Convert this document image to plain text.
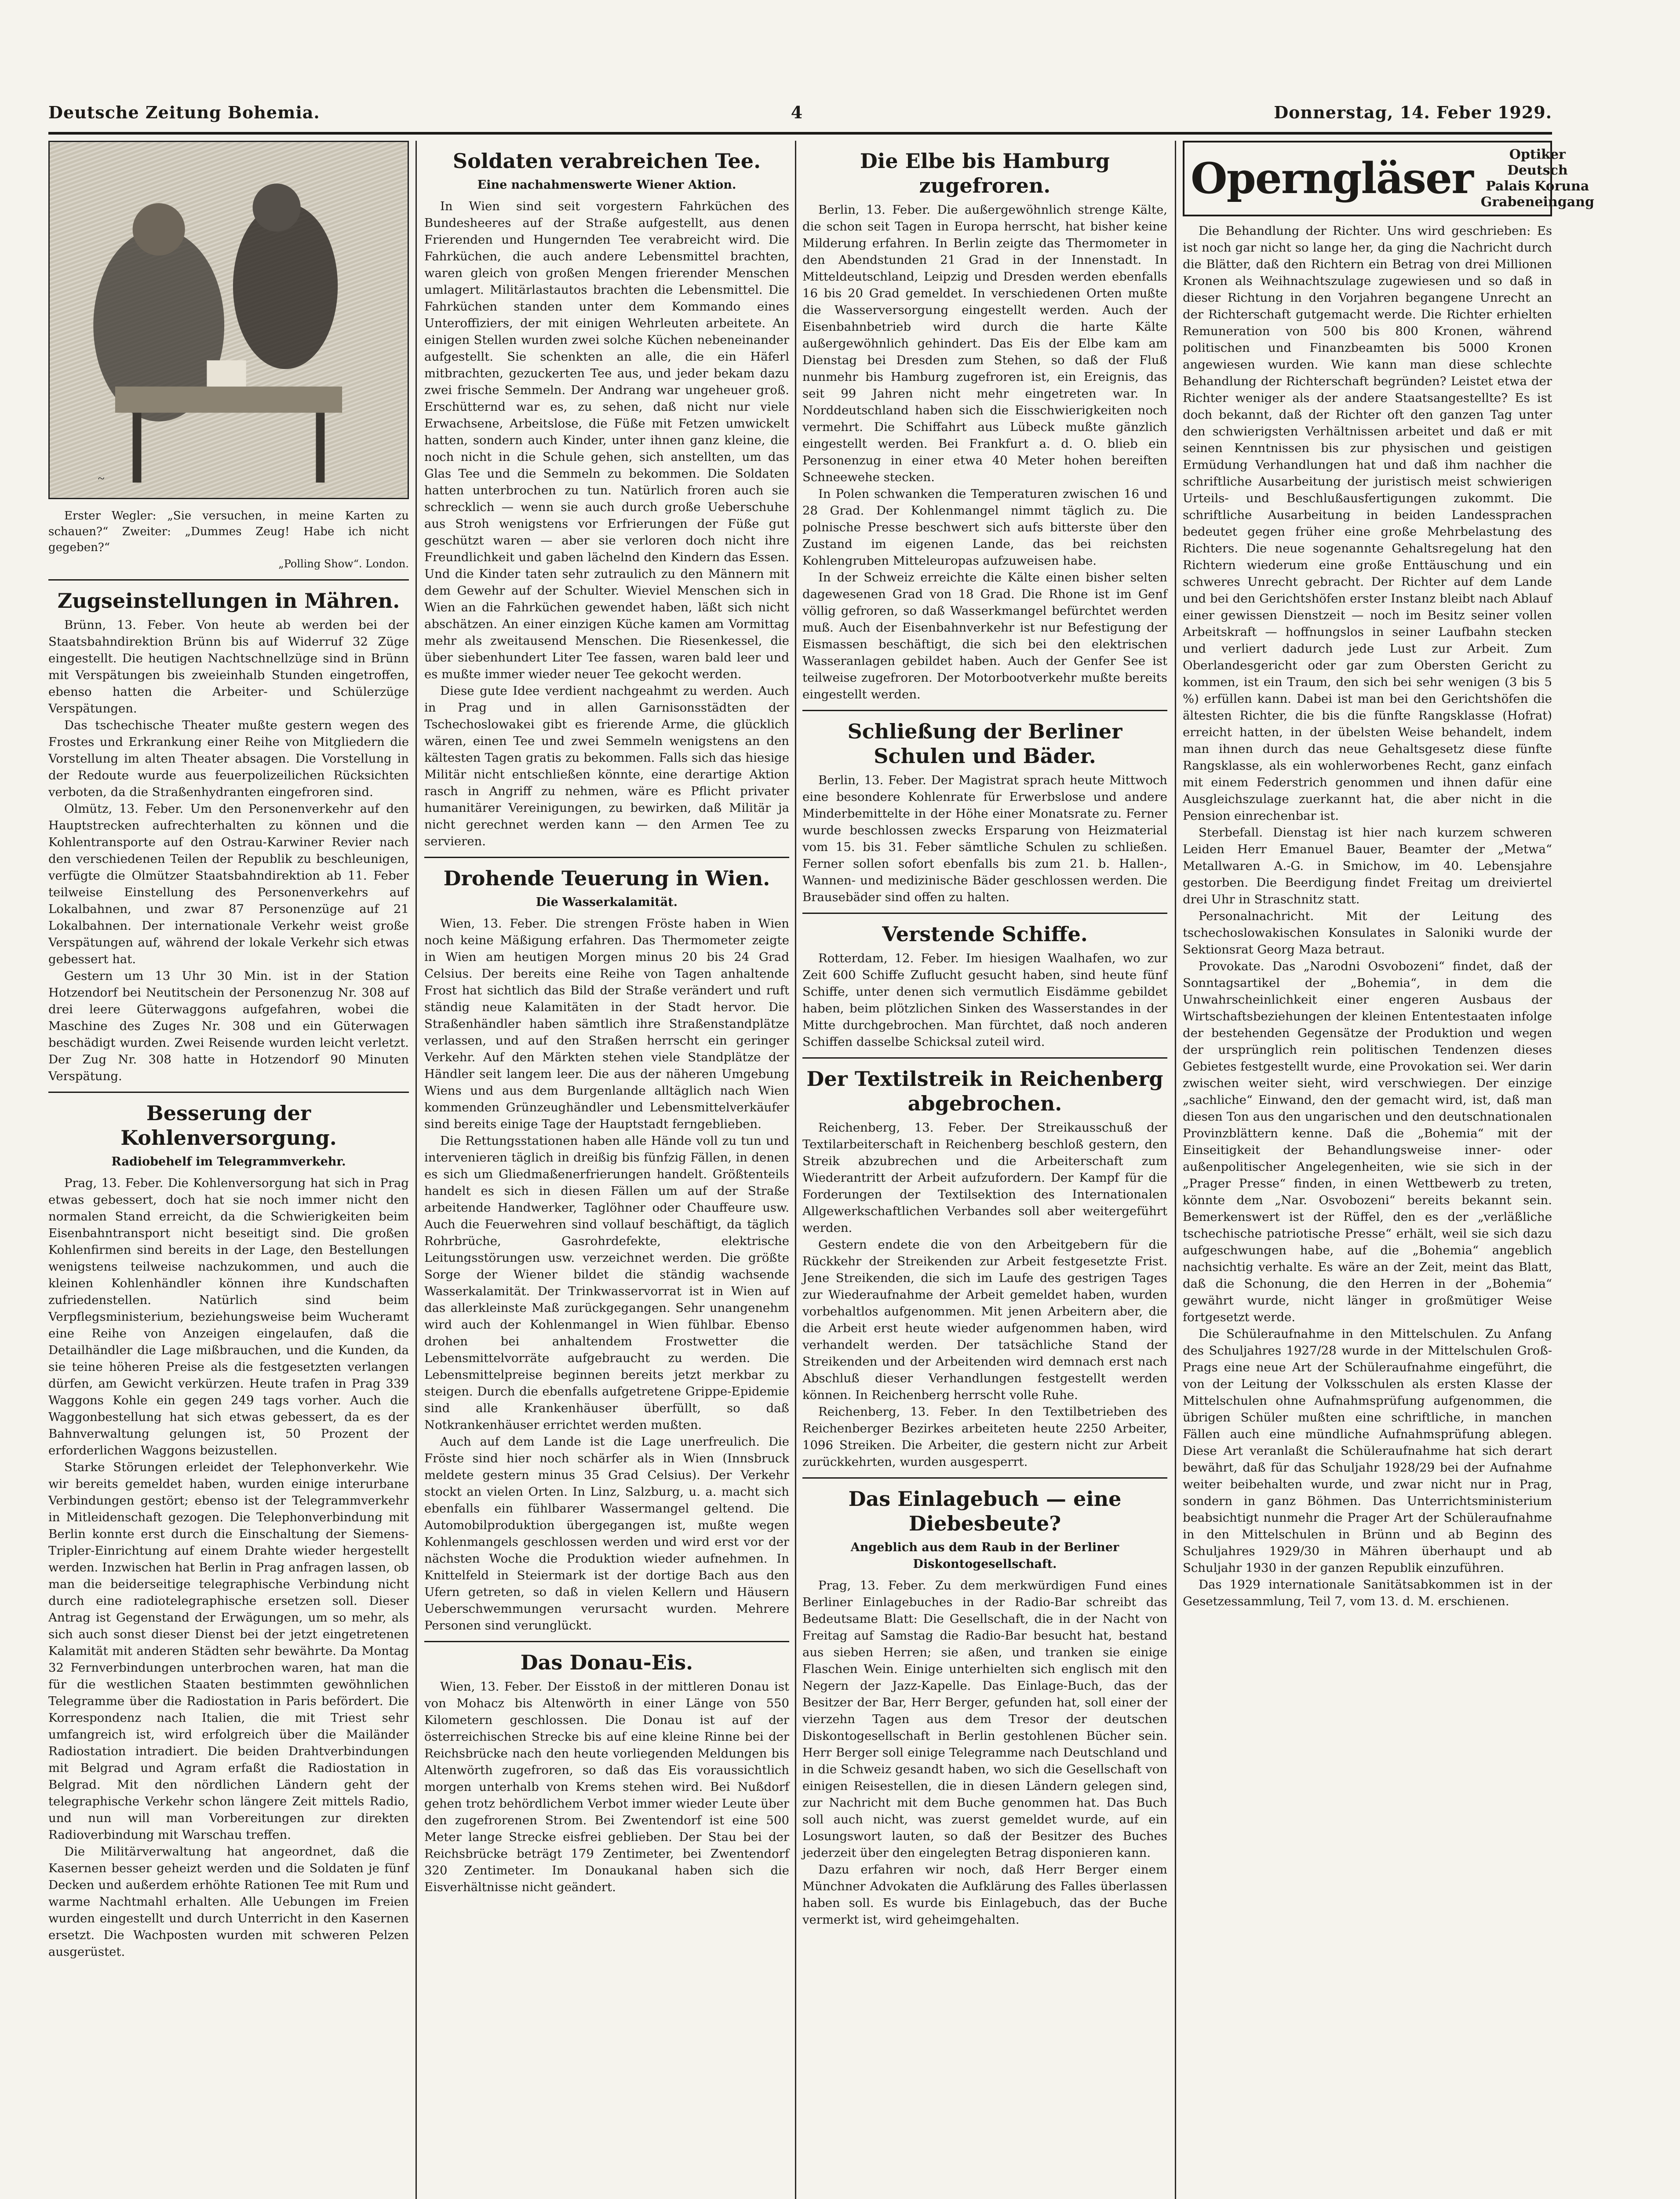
Deutsche Zeitung Bohemia.	4	Donnerstag, 14. Feber 1929.
~

Erster Wegler: „Sie versuchen, in meine Karten zu schauen?“ Zweiter: „Dummes Zeug! Habe ich nicht gegeben?“

„Polling Show“. London.

Zugseinstellungen in Mähren.

Brünn, 13. Feber. Von heute ab werden bei der Staatsbahndirektion Brünn bis auf Widerruf 32 Züge eingestellt. Die heutigen Nachtschnellzüge sind in Brünn mit Verspätungen bis zweieinhalb Stunden eingetroffen, ebenso hatten die Arbeiter- und Schülerzüge Verspätungen.

Das tschechische Theater mußte gestern wegen des Frostes und Erkrankung einer Reihe von Mitgliedern die Vorstellung im alten Theater absagen. Die Vorstellung in der Redoute wurde aus feuerpolizeilichen Rücksichten verboten, da die Straßenhydranten eingefroren sind.

Olmütz, 13. Feber. Um den Personenverkehr auf den Hauptstrecken aufrechterhalten zu können und die Kohlentransporte auf den Ostrau-Karwiner Revier nach den verschiedenen Teilen der Republik zu beschleunigen, verfügte die Olmützer Staatsbahndirektion ab 11. Feber teilweise Einstellung des Personenverkehrs auf Lokalbahnen, und zwar 87 Personenzüge auf 21 Lokalbahnen. Der internationale Verkehr weist große Verspätungen auf, während der lokale Verkehr sich etwas gebessert hat.

Gestern um 13 Uhr 30 Min. ist in der Station Hotzendorf bei Neutitschein der Personenzug Nr. 308 auf drei leere Güterwaggons aufgefahren, wobei die Maschine des Zuges Nr. 308 und ein Güterwagen beschädigt wurden. Zwei Reisende wurden leicht verletzt. Der Zug Nr. 308 hatte in Hotzendorf 90 Minuten Verspätung.

Besserung der Kohlenversorgung.
Radiobehelf im Telegrammverkehr.

Prag, 13. Feber. Die Kohlenversorgung hat sich in Prag etwas gebessert, doch hat sie noch immer nicht den normalen Stand erreicht, da die Schwierigkeiten beim Eisenbahntransport nicht beseitigt sind. Die großen Kohlenfirmen sind bereits in der Lage, den Bestellungen wenigstens teilweise nachzukommen, und auch die kleinen Kohlenhändler können ihre Kundschaften zufriedenstellen. Natürlich sind beim Verpflegsministerium, beziehungsweise beim Wucheramt eine Reihe von Anzeigen eingelaufen, daß die Detailhändler die Lage mißbrauchen, und die Kunden, da sie teine höheren Preise als die festgesetzten verlangen dürfen, am Gewicht verkürzen. Heute trafen in Prag 339 Waggons Kohle ein gegen 249 tags vorher. Auch die Waggonbestellung hat sich etwas gebessert, da es der Bahnverwaltung gelungen ist, 50 Prozent der erforderlichen Waggons beizustellen.

Starke Störungen erleidet der Telephonverkehr. Wie wir bereits gemeldet haben, wurden einige interurbane Verbindungen gestört; ebenso ist der Telegrammverkehr in Mitleidenschaft gezogen. Die Telephonverbindung mit Berlin konnte erst durch die Einschaltung der Siemens-Tripler-Einrichtung auf einem Drahte wieder hergestellt werden. Inzwischen hat Berlin in Prag anfragen lassen, ob man die beiderseitige telegraphische Verbindung nicht durch eine radiotelegraphische ersetzen soll. Dieser Antrag ist Gegenstand der Erwägungen, um so mehr, als sich auch sonst dieser Dienst bei der jetzt eingetretenen Kalamität mit anderen Städten sehr bewährte. Da Montag 32 Fernverbindungen unterbrochen waren, hat man die für die westlichen Staaten bestimmten gewöhnlichen Telegramme über die Radiostation in Paris befördert. Die Korrespondenz nach Italien, die mit Triest sehr umfangreich ist, wird erfolgreich über die Mailänder Radiostation intradiert. Die beiden Drahtverbindungen mit Belgrad und Agram erfaßt die Radiostation in Belgrad. Mit den nördlichen Ländern geht der telegraphische Verkehr schon längere Zeit mittels Radio, und nun will man Vorbereitungen zur direkten Radioverbindung mit Warschau treffen.

Die Militärverwaltung hat angeordnet, daß die Kasernen besser geheizt werden und die Soldaten je fünf Decken und außerdem erhöhte Rationen Tee mit Rum und warme Nachtmahl erhalten. Alle Uebungen im Freien wurden eingestellt und durch Unterricht in den Kasernen ersetzt. Die Wachposten wurden mit schweren Pelzen ausgerüstet.

Soldaten verabreichen Tee.
Eine nachahmenswerte Wiener Aktion.

In Wien sind seit vorgestern Fahrküchen des Bundesheeres auf der Straße aufgestellt, aus denen Frierenden und Hungernden Tee verabreicht wird. Die Fahrküchen, die auch andere Lebensmittel brachten, waren gleich von großen Mengen frierender Menschen umlagert. Militärlastautos brachten die Lebensmittel. Die Fahrküchen standen unter dem Kommando eines Unteroffiziers, der mit einigen Wehrleuten arbeitete. An einigen Stellen wurden zwei solche Küchen nebeneinander aufgestellt. Sie schenkten an alle, die ein Häferl mitbrachten, gezuckerten Tee aus, und jeder bekam dazu zwei frische Semmeln. Der Andrang war ungeheuer groß. Erschütternd war es, zu sehen, daß nicht nur viele Erwachsene, Arbeitslose, die Füße mit Fetzen umwickelt hatten, sondern auch Kinder, unter ihnen ganz kleine, die noch nicht in die Schule gehen, sich anstellten, um das Glas Tee und die Semmeln zu bekommen. Die Soldaten hatten unterbrochen zu tun. Natürlich froren auch sie schrecklich — wenn sie auch durch große Ueberschuhe aus Stroh wenigstens vor Erfrierungen der Füße gut geschützt waren — aber sie verloren doch nicht ihre Freundlichkeit und gaben lächelnd den Kindern das Essen. Und die Kinder taten sehr zutraulich zu den Männern mit dem Gewehr auf der Schulter. Wieviel Menschen sich in Wien an die Fahrküchen gewendet haben, läßt sich nicht abschätzen. An einer einzigen Küche kamen am Vormittag mehr als zweitausend Menschen. Die Riesenkessel, die über siebenhundert Liter Tee fassen, waren bald leer und es mußte immer wieder neuer Tee gekocht werden.

Diese gute Idee verdient nachgeahmt zu werden. Auch in Prag und in allen Garnisonsstädten der Tschechoslowakei gibt es frierende Arme, die glücklich wären, einen Tee und zwei Semmeln wenigstens an den kältesten Tagen gratis zu bekommen. Falls sich das hiesige Militär nicht entschließen könnte, eine derartige Aktion rasch in Angriff zu nehmen, wäre es Pflicht privater humanitärer Vereinigungen, zu bewirken, daß Militär ja nicht gerechnet werden kann — den Armen Tee zu servieren.

Drohende Teuerung in Wien.
Die Wasserkalamität.

Wien, 13. Feber. Die strengen Fröste haben in Wien noch keine Mäßigung erfahren. Das Thermometer zeigte in Wien am heutigen Morgen minus 20 bis 24 Grad Celsius. Der bereits eine Reihe von Tagen anhaltende Frost hat sichtlich das Bild der Straße verändert und ruft ständig neue Kalamitäten in der Stadt hervor. Die Straßenhändler haben sämtlich ihre Straßenstandplätze verlassen, und auf den Straßen herrscht ein geringer Verkehr. Auf den Märkten stehen viele Standplätze der Händler seit langem leer. Die aus der näheren Umgebung Wiens und aus dem Burgenlande alltäglich nach Wien kommenden Grünzeughändler und Lebensmittelverkäufer sind bereits einige Tage der Hauptstadt ferngeblieben.

Die Rettungsstationen haben alle Hände voll zu tun und intervenieren täglich in dreißig bis fünfzig Fällen, in denen es sich um Gliedmaßenerfrierungen handelt. Größtenteils handelt es sich in diesen Fällen um auf der Straße arbeitende Handwerker, Taglöhner oder Chauffeure usw. Auch die Feuerwehren sind vollauf beschäftigt, da täglich Rohrbrüche, Gasrohrdefekte, elektrische Leitungsstörungen usw. verzeichnet werden. Die größte Sorge der Wiener bildet die ständig wachsende Wasserkalamität. Der Trinkwasservorrat ist in Wien auf das allerkleinste Maß zurückgegangen. Sehr unangenehm wird auch der Kohlenmangel in Wien fühlbar. Ebenso drohen bei anhaltendem Frostwetter die Lebensmittelvorräte aufgebraucht zu werden. Die Lebensmittelpreise beginnen bereits jetzt merkbar zu steigen. Durch die ebenfalls aufgetretene Grippe-Epidemie sind alle Krankenhäuser überfüllt, so daß Notkrankenhäuser errichtet werden mußten.

Auch auf dem Lande ist die Lage unerfreulich. Die Fröste sind hier noch schärfer als in Wien (Innsbruck meldete gestern minus 35 Grad Celsius). Der Verkehr stockt an vielen Orten. In Linz, Salzburg, u. a. macht sich ebenfalls ein fühlbarer Wassermangel geltend. Die Automobilproduktion übergegangen ist, mußte wegen Kohlenmangels geschlossen werden und wird erst vor der nächsten Woche die Produktion wieder aufnehmen. In Knittelfeld in Steiermark ist der dortige Bach aus den Ufern getreten, so daß in vielen Kellern und Häusern Ueberschwemmungen verursacht wurden. Mehrere Personen sind verunglückt.

Das Donau-Eis.

Wien, 13. Feber. Der Eisstoß in der mittleren Donau ist von Mohacz bis Altenwörth in einer Länge von 550 Kilometern geschlossen. Die Donau ist auf der österreichischen Strecke bis auf eine kleine Rinne bei der Reichsbrücke nach den heute vorliegenden Meldungen bis Altenwörth zugefroren, so daß das Eis voraussichtlich morgen unterhalb von Krems stehen wird. Bei Nußdorf gehen trotz behördlichem Verbot immer wieder Leute über den zugefrorenen Strom. Bei Zwentendorf ist eine 500 Meter lange Strecke eisfrei geblieben. Der Stau bei der Reichsbrücke beträgt 179 Zentimeter, bei Zwentendorf 320 Zentimeter. Im Donaukanal haben sich die Eisverhältnisse nicht geändert.

Die Elbe bis Hamburg zugefroren.

Berlin, 13. Feber. Die außergewöhnlich strenge Kälte, die schon seit Tagen in Europa herrscht, hat bisher keine Milderung erfahren. In Berlin zeigte das Thermometer in den Abendstunden 21 Grad in der Innenstadt. In Mitteldeutschland, Leipzig und Dresden werden ebenfalls 16 bis 20 Grad gemeldet. In verschiedenen Orten mußte die Wasserversorgung eingestellt werden. Auch der Eisenbahnbetrieb wird durch die harte Kälte außergewöhnlich gehindert. Das Eis der Elbe kam am Dienstag bei Dresden zum Stehen, so daß der Fluß nunmehr bis Hamburg zugefroren ist, ein Ereignis, das seit 99 Jahren nicht mehr eingetreten war. In Norddeutschland haben sich die Eisschwierigkeiten noch vermehrt. Die Schiffahrt aus Lübeck mußte gänzlich eingestellt werden. Bei Frankfurt a. d. O. blieb ein Personenzug in einer etwa 40 Meter hohen bereiften Schneewehe stecken.

In Polen schwanken die Temperaturen zwischen 16 und 28 Grad. Der Kohlenmangel nimmt täglich zu. Die polnische Presse beschwert sich aufs bitterste über den Zustand im eigenen Lande, das bei reichsten Kohlengruben Mitteleuropas aufzuweisen habe.

In der Schweiz erreichte die Kälte einen bisher selten dagewesenen Grad von 18 Grad. Die Rhone ist im Genf völlig gefroren, so daß Wasserkmangel befürchtet werden muß. Auch der Eisenbahnverkehr ist nur Befestigung der Eismassen beschäftigt, die sich bei den elektrischen Wasseranlagen gebildet haben. Auch der Genfer See ist teilweise zugefroren. Der Motorbootverkehr mußte bereits eingestellt werden.

Schließung der Berliner Schulen und Bäder.

Berlin, 13. Feber. Der Magistrat sprach heute Mittwoch eine besondere Kohlenrate für Erwerbslose und andere Minderbemittelte in der Höhe einer Monatsrate zu. Ferner wurde beschlossen zwecks Ersparung von Heizmaterial vom 15. bis 31. Feber sämtliche Schulen zu schließen. Ferner sollen sofort ebenfalls bis zum 21. b. Hallen-, Wannen- und medizinische Bäder geschlossen werden. Die Brausebäder sind offen zu halten.

Verstende Schiffe.

Rotterdam, 12. Feber. Im hiesigen Waalhafen, wo zur Zeit 600 Schiffe Zuflucht gesucht haben, sind heute fünf Schiffe, unter denen sich vermutlich Eisdämme gebildet haben, beim plötzlichen Sinken des Wasserstandes in der Mitte durchgebrochen. Man fürchtet, daß noch anderen Schiffen dasselbe Schicksal zuteil wird.

Der Textilstreik in Reichenberg abgebrochen.

Reichenberg, 13. Feber. Der Streikausschuß der Textilarbeiterschaft in Reichenberg beschloß gestern, den Streik abzubrechen und die Arbeiterschaft zum Wiederantritt der Arbeit aufzufordern. Der Kampf für die Forderungen der Textilsektion des Internationalen Allgewerkschaftlichen Verbandes soll aber weitergeführt werden.

Gestern endete die von den Arbeitgebern für die Rückkehr der Streikenden zur Arbeit festgesetzte Frist. Jene Streikenden, die sich im Laufe des gestrigen Tages zur Wiederaufnahme der Arbeit gemeldet haben, wurden vorbehaltlos aufgenommen. Mit jenen Arbeitern aber, die die Arbeit erst heute wieder aufgenommen haben, wird verhandelt werden. Der tatsächliche Stand der Streikenden und der Arbeitenden wird demnach erst nach Abschluß dieser Verhandlungen festgestellt werden können. In Reichenberg herrscht volle Ruhe.

Reichenberg, 13. Feber. In den Textilbetrieben des Reichenberger Bezirkes arbeiteten heute 2250 Arbeiter, 1096 Streiken. Die Arbeiter, die gestern nicht zur Arbeit zurückkehrten, wurden ausgesperrt.

Das Einlagebuch — eine Diebesbeute?
Angeblich aus dem Raub in der Berliner Diskontogesellschaft.

Prag, 13. Feber. Zu dem merkwürdigen Fund eines Berliner Einlagebuches in der Radio-Bar schreibt das Bedeutsame Blatt: Die Gesellschaft, die in der Nacht von Freitag auf Samstag die Radio-Bar besucht hat, bestand aus sieben Herren; sie aßen, und tranken sie einige Flaschen Wein. Einige unterhielten sich englisch mit den Negern der Jazz-Kapelle. Das Einlage-Buch, das der Besitzer der Bar, Herr Berger, gefunden hat, soll einer der vierzehn Tagen aus dem Tresor der deutschen Diskontogesellschaft in Berlin gestohlenen Bücher sein. Herr Berger soll einige Telegramme nach Deutschland und in die Schweiz gesandt haben, wo sich die Gesellschaft von einigen Reisestellen, die in diesen Ländern gelegen sind, zur Nachricht mit dem Buche genommen hat. Das Buch soll auch nicht, was zuerst gemeldet wurde, auf ein Losungswort lauten, so daß der Besitzer des Buches jederzeit über den eingelegten Betrag disponieren kann.

Dazu erfahren wir noch, daß Herr Berger einem Münchner Advokaten die Aufklärung des Falles überlassen haben soll. Es wurde bis Einlagebuch, das der Buche vermerkt ist, wird geheimgehalten.

Operngläser	Optiker Deutsch
Palais Koruna
Grabeneingang

Die Behandlung der Richter. Uns wird geschrieben: Es ist noch gar nicht so lange her, da ging die Nachricht durch die Blätter, daß den Richtern ein Betrag von drei Millionen Kronen als Weihnachtszulage zugewiesen und so daß in dieser Richtung in den Vorjahren begangene Unrecht an der Richterschaft gutgemacht werde. Die Richter erhielten Remuneration von 500 bis 800 Kronen, während politischen und Finanzbeamten bis 5000 Kronen angewiesen wurden. Wie kann man diese schlechte Behandlung der Richterschaft begründen? Leistet etwa der Richter weniger als der andere Staatsangestellte? Es ist doch bekannt, daß der Richter oft den ganzen Tag unter den schwierigsten Verhältnissen arbeitet und daß er mit seinen Kenntnissen bis zur physischen und geistigen Ermüdung Verhandlungen hat und daß ihm nachher die schriftliche Ausarbeitung der juristisch meist schwierigen Urteils- und Beschlußausfertigungen zukommt. Die schriftliche Ausarbeitung in beiden Landessprachen bedeutet gegen früher eine große Mehrbelastung des Richters. Die neue sogenannte Gehaltsregelung hat den Richtern wiederum eine große Enttäuschung und ein schweres Unrecht gebracht. Der Richter auf dem Lande und bei den Gerichtshöfen erster Instanz bleibt nach Ablauf einer gewissen Dienstzeit — noch im Besitz seiner vollen Arbeitskraft — hoffnungslos in seiner Laufbahn stecken und verliert dadurch jede Lust zur Arbeit. Zum Oberlandesgericht oder gar zum Obersten Gericht zu kommen, ist ein Traum, den sich bei sehr wenigen (3 bis 5 %) erfüllen kann. Dabei ist man bei den Gerichtshöfen die ältesten Richter, die bis die fünfte Rangsklasse (Hofrat) erreicht hatten, in der übelsten Weise behandelt, indem man ihnen durch das neue Gehaltsgesetz diese fünfte Rangsklasse, als ein wohlerworbenes Recht, ganz einfach mit einem Federstrich genommen und ihnen dafür eine Ausgleichszulage zuerkannt hat, die aber nicht in die Pension einrechenbar ist.

Sterbefall. Dienstag ist hier nach kurzem schweren Leiden Herr Emanuel Bauer, Beamter der „Metwa“ Metallwaren A.-G. in Smichow, im 40. Lebensjahre gestorben. Die Beerdigung findet Freitag um dreiviertel drei Uhr in Straschnitz statt.

Personalnachricht. Mit der Leitung des tschechoslowakischen Konsulates in Saloniki wurde der Sektionsrat Georg Maza betraut.

Provokate. Das „Narodni Osvobozeni“ findet, daß der Sonntagsartikel der „Bohemia“, in dem die Unwahrscheinlichkeit einer engeren Ausbaus der Wirtschaftsbeziehungen der kleinen Ententestaaten infolge der bestehenden Gegensätze der Produktion und wegen der ursprünglich rein politischen Tendenzen dieses Gebietes festgestellt wurde, eine Provokation sei. Wer darin zwischen weiter sieht, wird verschwiegen. Der einzige „sachliche“ Einwand, den der gemacht wird, ist, daß man diesen Ton aus den ungarischen und den deutschnationalen Provinzblättern kenne. Daß die „Bohemia“ mit der Einseitigkeit der Behandlungsweise inner- oder außenpolitischer Angelegenheiten, wie sie sich in der „Prager Presse“ finden, in einen Wettbewerb zu treten, könnte dem „Nar. Osvobozeni“ bereits bekannt sein. Bemerkenswert ist der Rüffel, den es der „verläßliche tschechische patriotische Presse“ erhält, weil sie sich dazu aufgeschwungen habe, auf die „Bohemia“ angeblich nachsichtig verhalte. Es wäre an der Zeit, meint das Blatt, daß die Schonung, die den Herren in der „Bohemia“ gewährt wurde, nicht länger in großmütiger Weise fortgesetzt werde.

Die Schüleraufnahme in den Mittelschulen. Zu Anfang des Schuljahres 1927/28 wurde in der Mittelschulen Groß-Prags eine neue Art der Schüleraufnahme eingeführt, die von der Leitung der Volksschulen als ersten Klasse der Mittelschulen ohne Aufnahmsprüfung aufgenommen, die übrigen Schüler mußten eine schriftliche, in manchen Fällen auch eine mündliche Aufnahmsprüfung ablegen. Diese Art veranlaßt die Schüleraufnahme hat sich derart bewährt, daß für das Schuljahr 1928/29 bei der Aufnahme weiter beibehalten wurde, und zwar nicht nur in Prag, sondern in ganz Böhmen. Das Unterrichtsministerium beabsichtigt nunmehr die Prager Art der Schüleraufnahme in den Mittelschulen in Brünn und ab Beginn des Schuljahres 1929/30 in Mähren überhaupt und ab Schuljahr 1930 in der ganzen Republik einzuführen.

Das 1929 internationale Sanitätsabkommen ist in der Gesetzessammlung, Teil 7, vom 13. d. M. erschienen.
